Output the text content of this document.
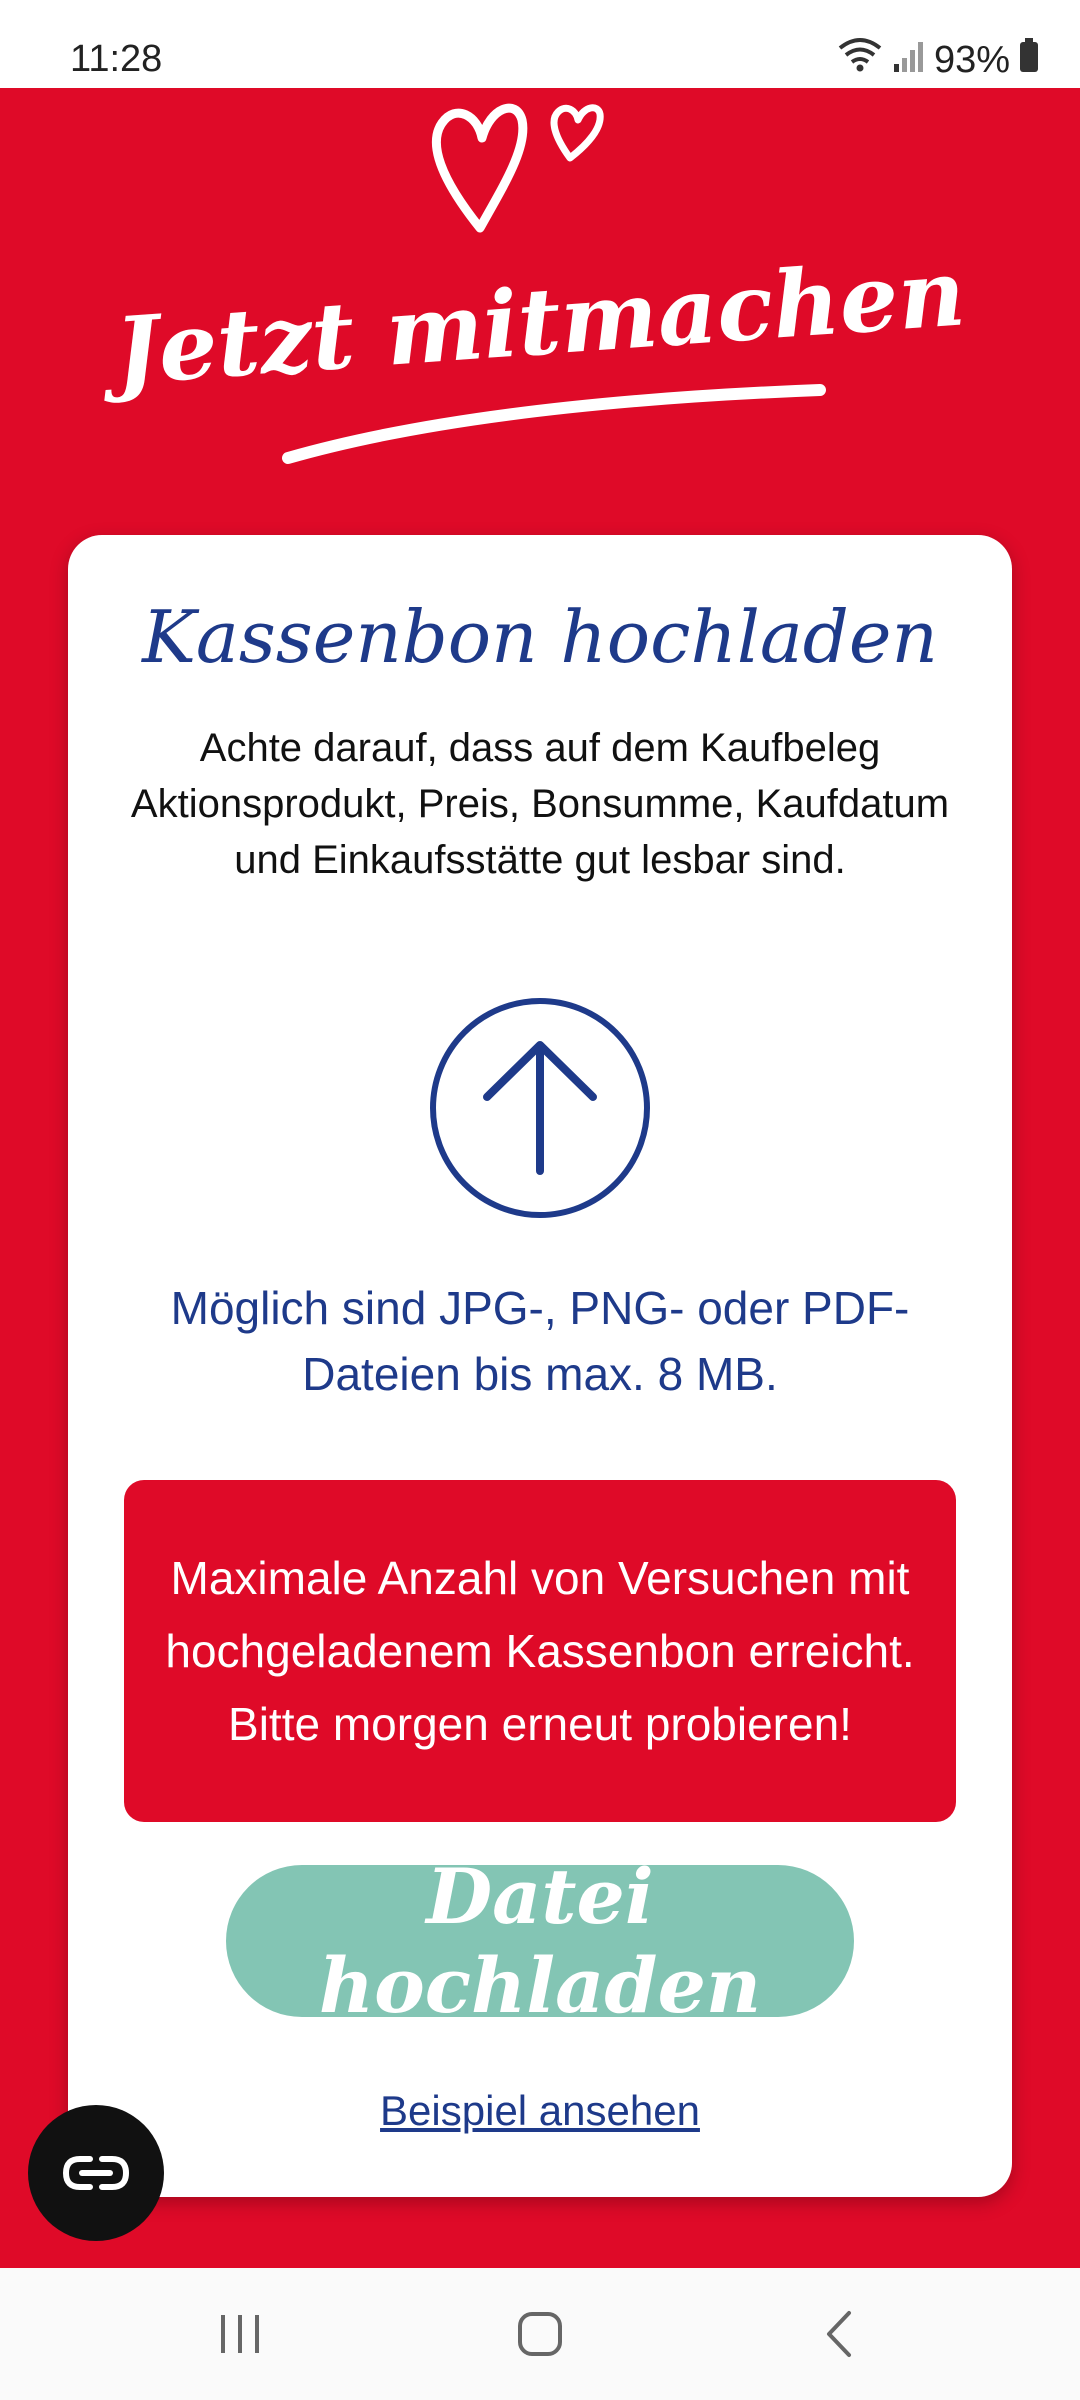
11:28	93%
Jetzt mitmachen
Kassenbon hochladen
Achte darauf, dass auf dem Kaufbeleg Aktionsprodukt, Preis, Bonsumme, Kaufdatum und Einkaufsstätte gut lesbar sind.
Möglich sind JPG-, PNG- oder PDF-Dateien bis max. 8 MB.
Maximale Anzahl von Versuchen mit hochgeladenem Kassenbon erreicht. Bitte morgen erneut probieren!
Datei hochladen
Beispiel ansehen
